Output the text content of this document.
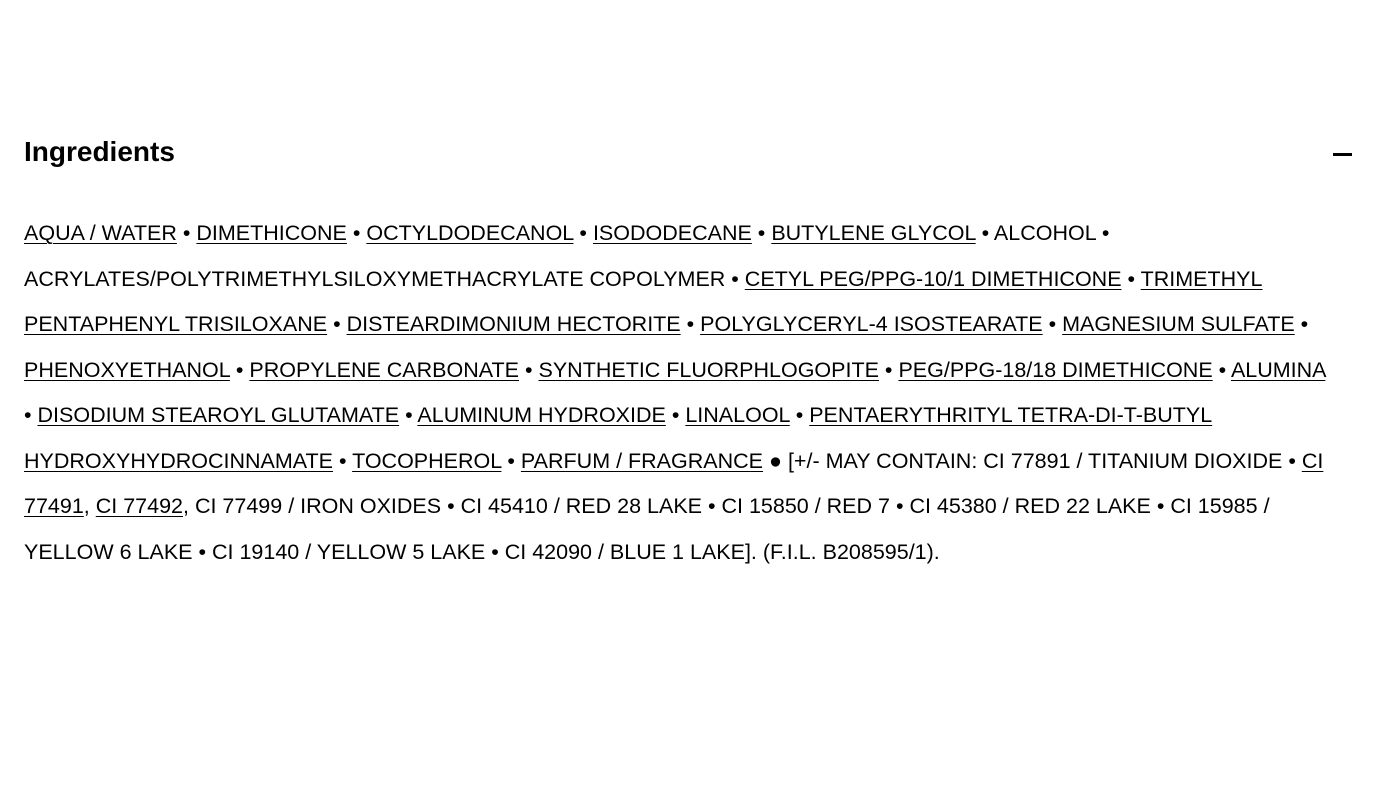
Ingredients
AQUA / WATER • DIMETHICONE • OCTYLDODECANOL • ISODODECANE • BUTYLENE GLYCOL • ALCOHOL • ACRYLATES/POLYTRIMETHYLSILOXYMETHACRYLATE COPOLYMER • CETYL PEG/PPG-10/1 DIMETHICONE • TRIMETHYL PENTAPHENYL TRISILOXANE • DISTEARDIMONIUM HECTORITE • POLYGLYCERYL-4 ISOSTEARATE • MAGNESIUM SULFATE • PHENOXYETHANOL • PROPYLENE CARBONATE • SYNTHETIC FLUORPHLOGOPITE • PEG/PPG-18/18 DIMETHICONE • ALUMINA • DISODIUM STEAROYL GLUTAMATE • ALUMINUM HYDROXIDE • LINALOOL • PENTAERYTHRITYL TETRA-DI-T-BUTYL HYDROXYHYDROCINNAMATE • TOCOPHEROL • PARFUM / FRAGRANCE ● [+/- MAY CONTAIN: CI 77891 / TITANIUM DIOXIDE • CI 77491, CI 77492, CI 77499 / IRON OXIDES • CI 45410 / RED 28 LAKE • CI 15850 / RED 7 • CI 45380 / RED 22 LAKE • CI 15985 / YELLOW 6 LAKE • CI 19140 / YELLOW 5 LAKE • CI 42090 / BLUE 1 LAKE]. (F.I.L. B208595/1).
